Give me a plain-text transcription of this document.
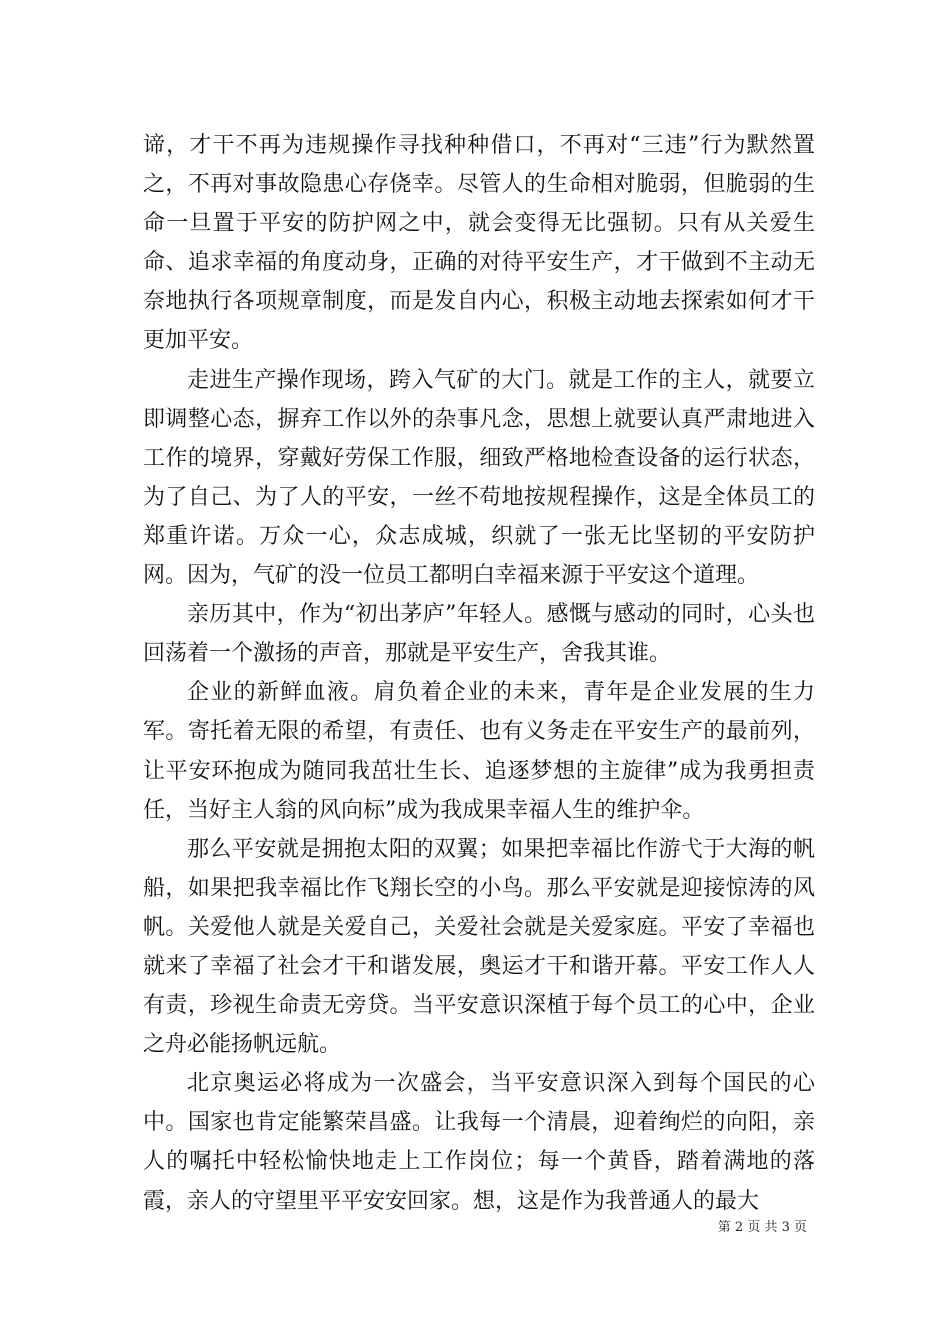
谛，才干不再为违规操作寻找种种借口，不再对“三违”行为默然置之，不再对事故隐患心存侥幸。尽管人的生命相对脆弱，但脆弱的生命一旦置于平安的防护网之中，就会变得无比强韧。只有从关爱生命、追求幸福的角度动身，正确的对待平安生产，才干做到不主动无奈地执行各项规章制度，而是发自内心，积极主动地去探索如何才干更加平安。

走进生产操作现场，跨入气矿的大门。就是工作的主人，就要立即调整心态，摒弃工作以外的杂事凡念，思想上就要认真严肃地进入工作的境界，穿戴好劳保工作服，细致严格地检查设备的运行状态，为了自己、为了人的平安，一丝不苟地按规程操作，这是全体员工的郑重许诺。万众一心，众志成城，织就了一张无比坚韧的平安防护网。因为，气矿的没一位员工都明白幸福来源于平安这个道理。

亲历其中，作为“初出茅庐”年轻人。感慨与感动的同时，心头也回荡着一个激扬的声音，那就是平安生产，舍我其谁。

企业的新鲜血液。肩负着企业的未来，青年是企业发展的生力军。寄托着无限的希望，有责任、也有义务走在平安生产的最前列，让平安环抱成为随同我茁壮生长、追逐梦想的主旋律”成为我勇担责任，当好主人翁的风向标”成为我成果幸福人生的维护伞。

那么平安就是拥抱太阳的双翼；如果把幸福比作游弋于大海的帆船，如果把我幸福比作飞翔长空的小鸟。那么平安就是迎接惊涛的风帆。关爱他人就是关爱自己，关爱社会就是关爱家庭。平安了幸福也就来了幸福了社会才干和谐发展，奥运才干和谐开幕。平安工作人人有责，珍视生命责无旁贷。当平安意识深植于每个员工的心中，企业之舟必能扬帆远航。

北京奥运必将成为一次盛会，当平安意识深入到每个国民的心中。国家也肯定能繁荣昌盛。让我每一个清晨，迎着绚烂的向阳，亲人的嘱托中轻松愉快地走上工作岗位；每一个黄昏，踏着满地的落霞，亲人的守望里平平安安回家。想，这是作为我普通人的最大

第 2 页 共 3 页
